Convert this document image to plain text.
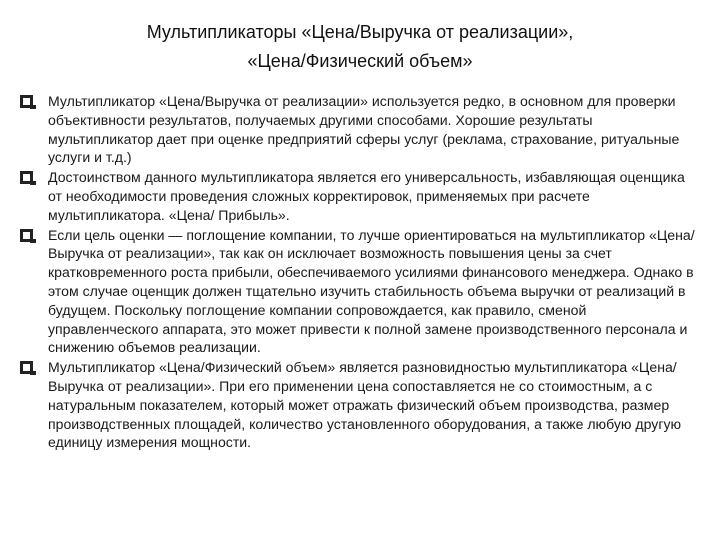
Мультипликаторы «Цена/Выручка от реализации»,
«Цена/Физический объем»
Мультипликатор «Цена/Выручка от реализации» используется редко, в основном для проверки объективности результатов, получаемых другими способами. Хорошие результаты мультипликатор дает при оценке предприятий сферы услуг (реклама, страхование, ритуальные услуги и т.д.)
Достоинством данного мультипликатора является его универсальность, избавляющая оценщика от необходимости проведения сложных корректировок, применяемых при расчете мультипликатора. «Цена/ Прибыль».
Если цель оценки — поглощение компании, то лучше ориентироваться на мультипликатор «Цена/Выручка от реализации», так как он исключает возможность повышения цены за счет кратковременного роста прибыли, обеспечиваемого усилиями финансового менеджера. Однако в этом случае оценщик должен тщательно изучить стабильность объема выручки от реализаций в будущем. Поскольку поглощение компании сопровождается, как правило, сменой управленческого аппарата, это может привести к полной замене производственного персонала и снижению объемов реализации.
Мультипликатор «Цена/Физический объем» является разновидностью мультипликатора «Цена/Выручка от реализации». При его применении цена сопоставляется не со стоимостным, а с натуральным показателем, который может отражать физический объем производства, размер производственных площадей, количество установленного оборудования, а также любую другую единицу измерения мощности.
